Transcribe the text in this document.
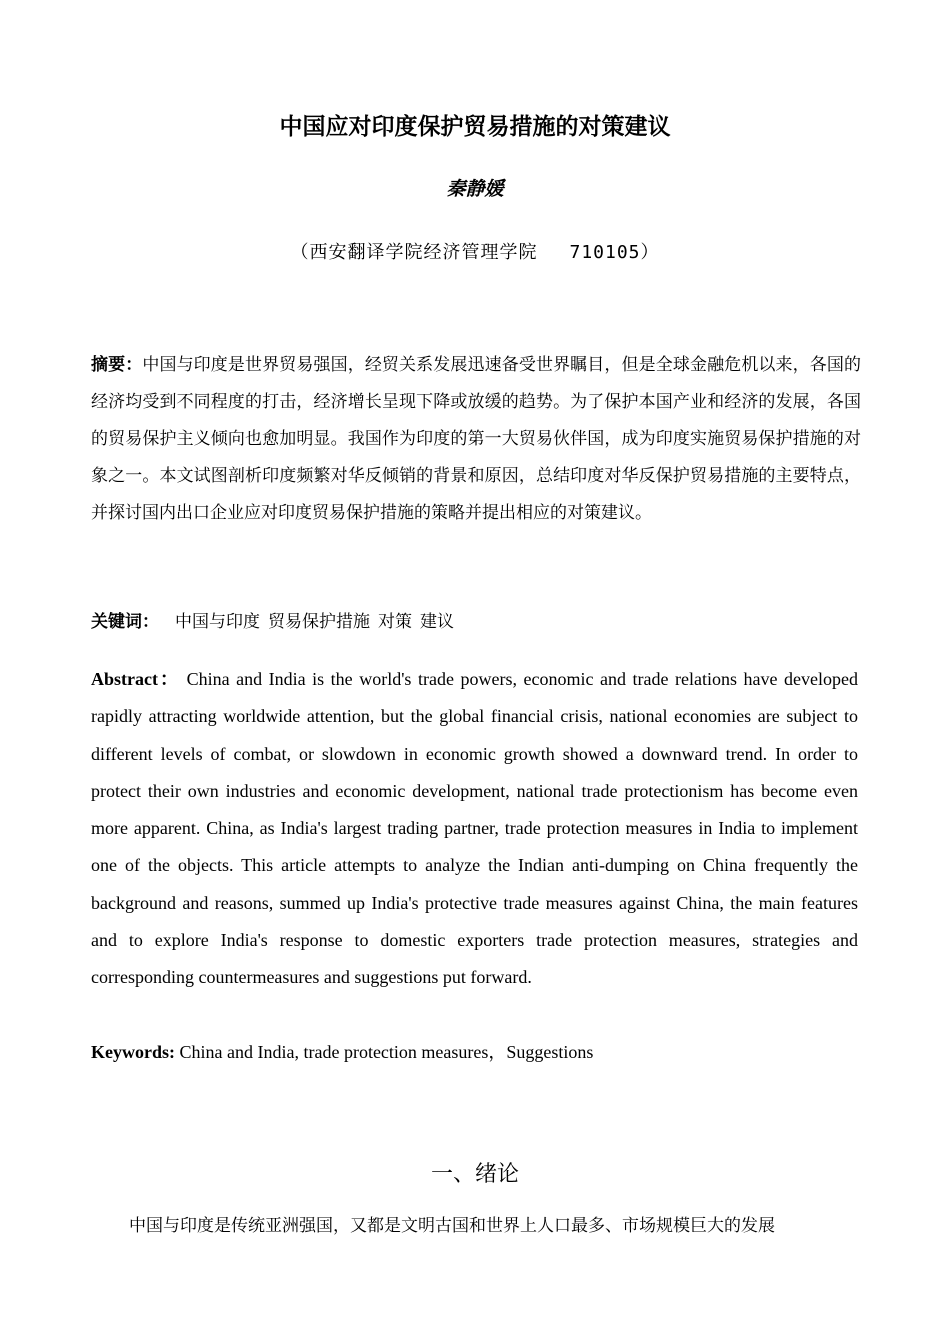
中国应对印度保护贸易措施的对策建议
秦静媛
（西安翻译学院经济管理学院 710105）
摘要：中国与印度是世界贸易强国，经贸关系发展迅速备受世界瞩目，但是全球金融危机以来，各国的经济均受到不同程度的打击，经济增长呈现下降或放缓的趋势。为了保护本国产业和经济的发展，各国的贸易保护主义倾向也愈加明显。我国作为印度的第一大贸易伙伴国，成为印度实施贸易保护措施的对象之一。本文试图剖析印度频繁对华反倾销的背景和原因，总结印度对华反保护贸易措施的主要特点，并探讨国内出口企业应对印度贸易保护措施的策略并提出相应的对策建议。
关键词： 中国与印度 贸易保护措施 对策 建议
Abstract： China and India is the world's trade powers, economic and trade relations have developed rapidly attracting worldwide attention, but the global financial crisis, national economies are subject to different levels of combat, or slowdown in economic growth showed a downward trend. In order to protect their own industries and economic development, national trade protectionism has become even more apparent. China, as India's largest trading partner, trade protection measures in India to implement one of the objects. This article attempts to analyze the Indian anti-dumping on China frequently the background and reasons, summed up India's protective trade measures against China, the main features and to explore India's response to domestic exporters trade protection measures, strategies and corresponding countermeasures and suggestions put forward.
Keywords: China and India, trade protection measures，Suggestions
一、绪论
中国与印度是传统亚洲强国，又都是文明古国和世界上人口最多、市场规模巨大的发展
